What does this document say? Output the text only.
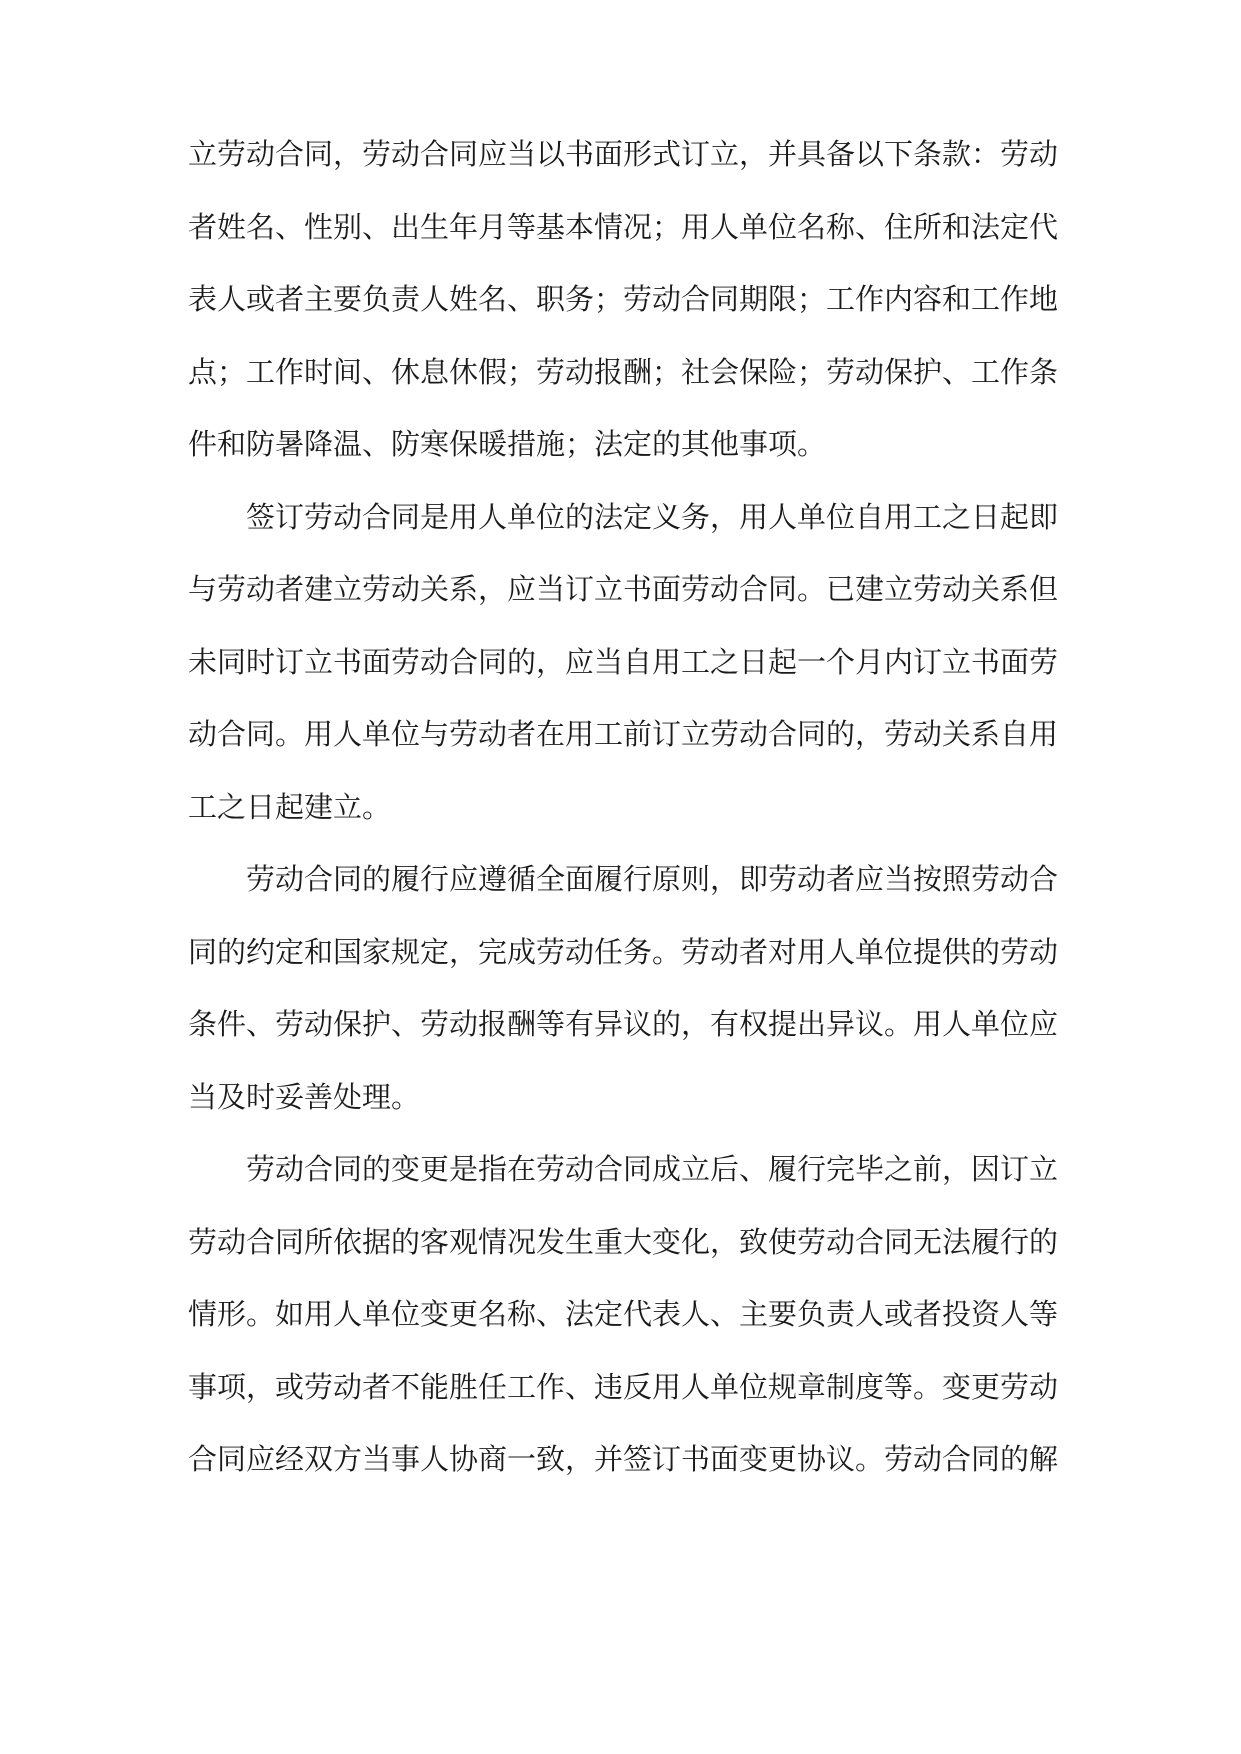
立劳动合同，劳动合同应当以书面形式订立，并具备以下条款：劳动
者姓名、性别、出生年月等基本情况；用人单位名称、住所和法定代
表人或者主要负责人姓名、职务；劳动合同期限；工作内容和工作地
点；工作时间、休息休假；劳动报酬；社会保险；劳动保护、工作条
件和防暑降温、防寒保暖措施；法定的其他事项。
签订劳动合同是用人单位的法定义务，用人单位自用工之日起即
与劳动者建立劳动关系，应当订立书面劳动合同。已建立劳动关系但
未同时订立书面劳动合同的，应当自用工之日起一个月内订立书面劳
动合同。用人单位与劳动者在用工前订立劳动合同的，劳动关系自用
工之日起建立。
劳动合同的履行应遵循全面履行原则，即劳动者应当按照劳动合
同的约定和国家规定，完成劳动任务。劳动者对用人单位提供的劳动
条件、劳动保护、劳动报酬等有异议的，有权提出异议。用人单位应
当及时妥善处理。
劳动合同的变更是指在劳动合同成立后、履行完毕之前，因订立
劳动合同所依据的客观情况发生重大变化，致使劳动合同无法履行的
情形。如用人单位变更名称、法定代表人、主要负责人或者投资人等
事项，或劳动者不能胜任工作、违反用人单位规章制度等。变更劳动
合同应经双方当事人协商一致，并签订书面变更协议。劳动合同的解
